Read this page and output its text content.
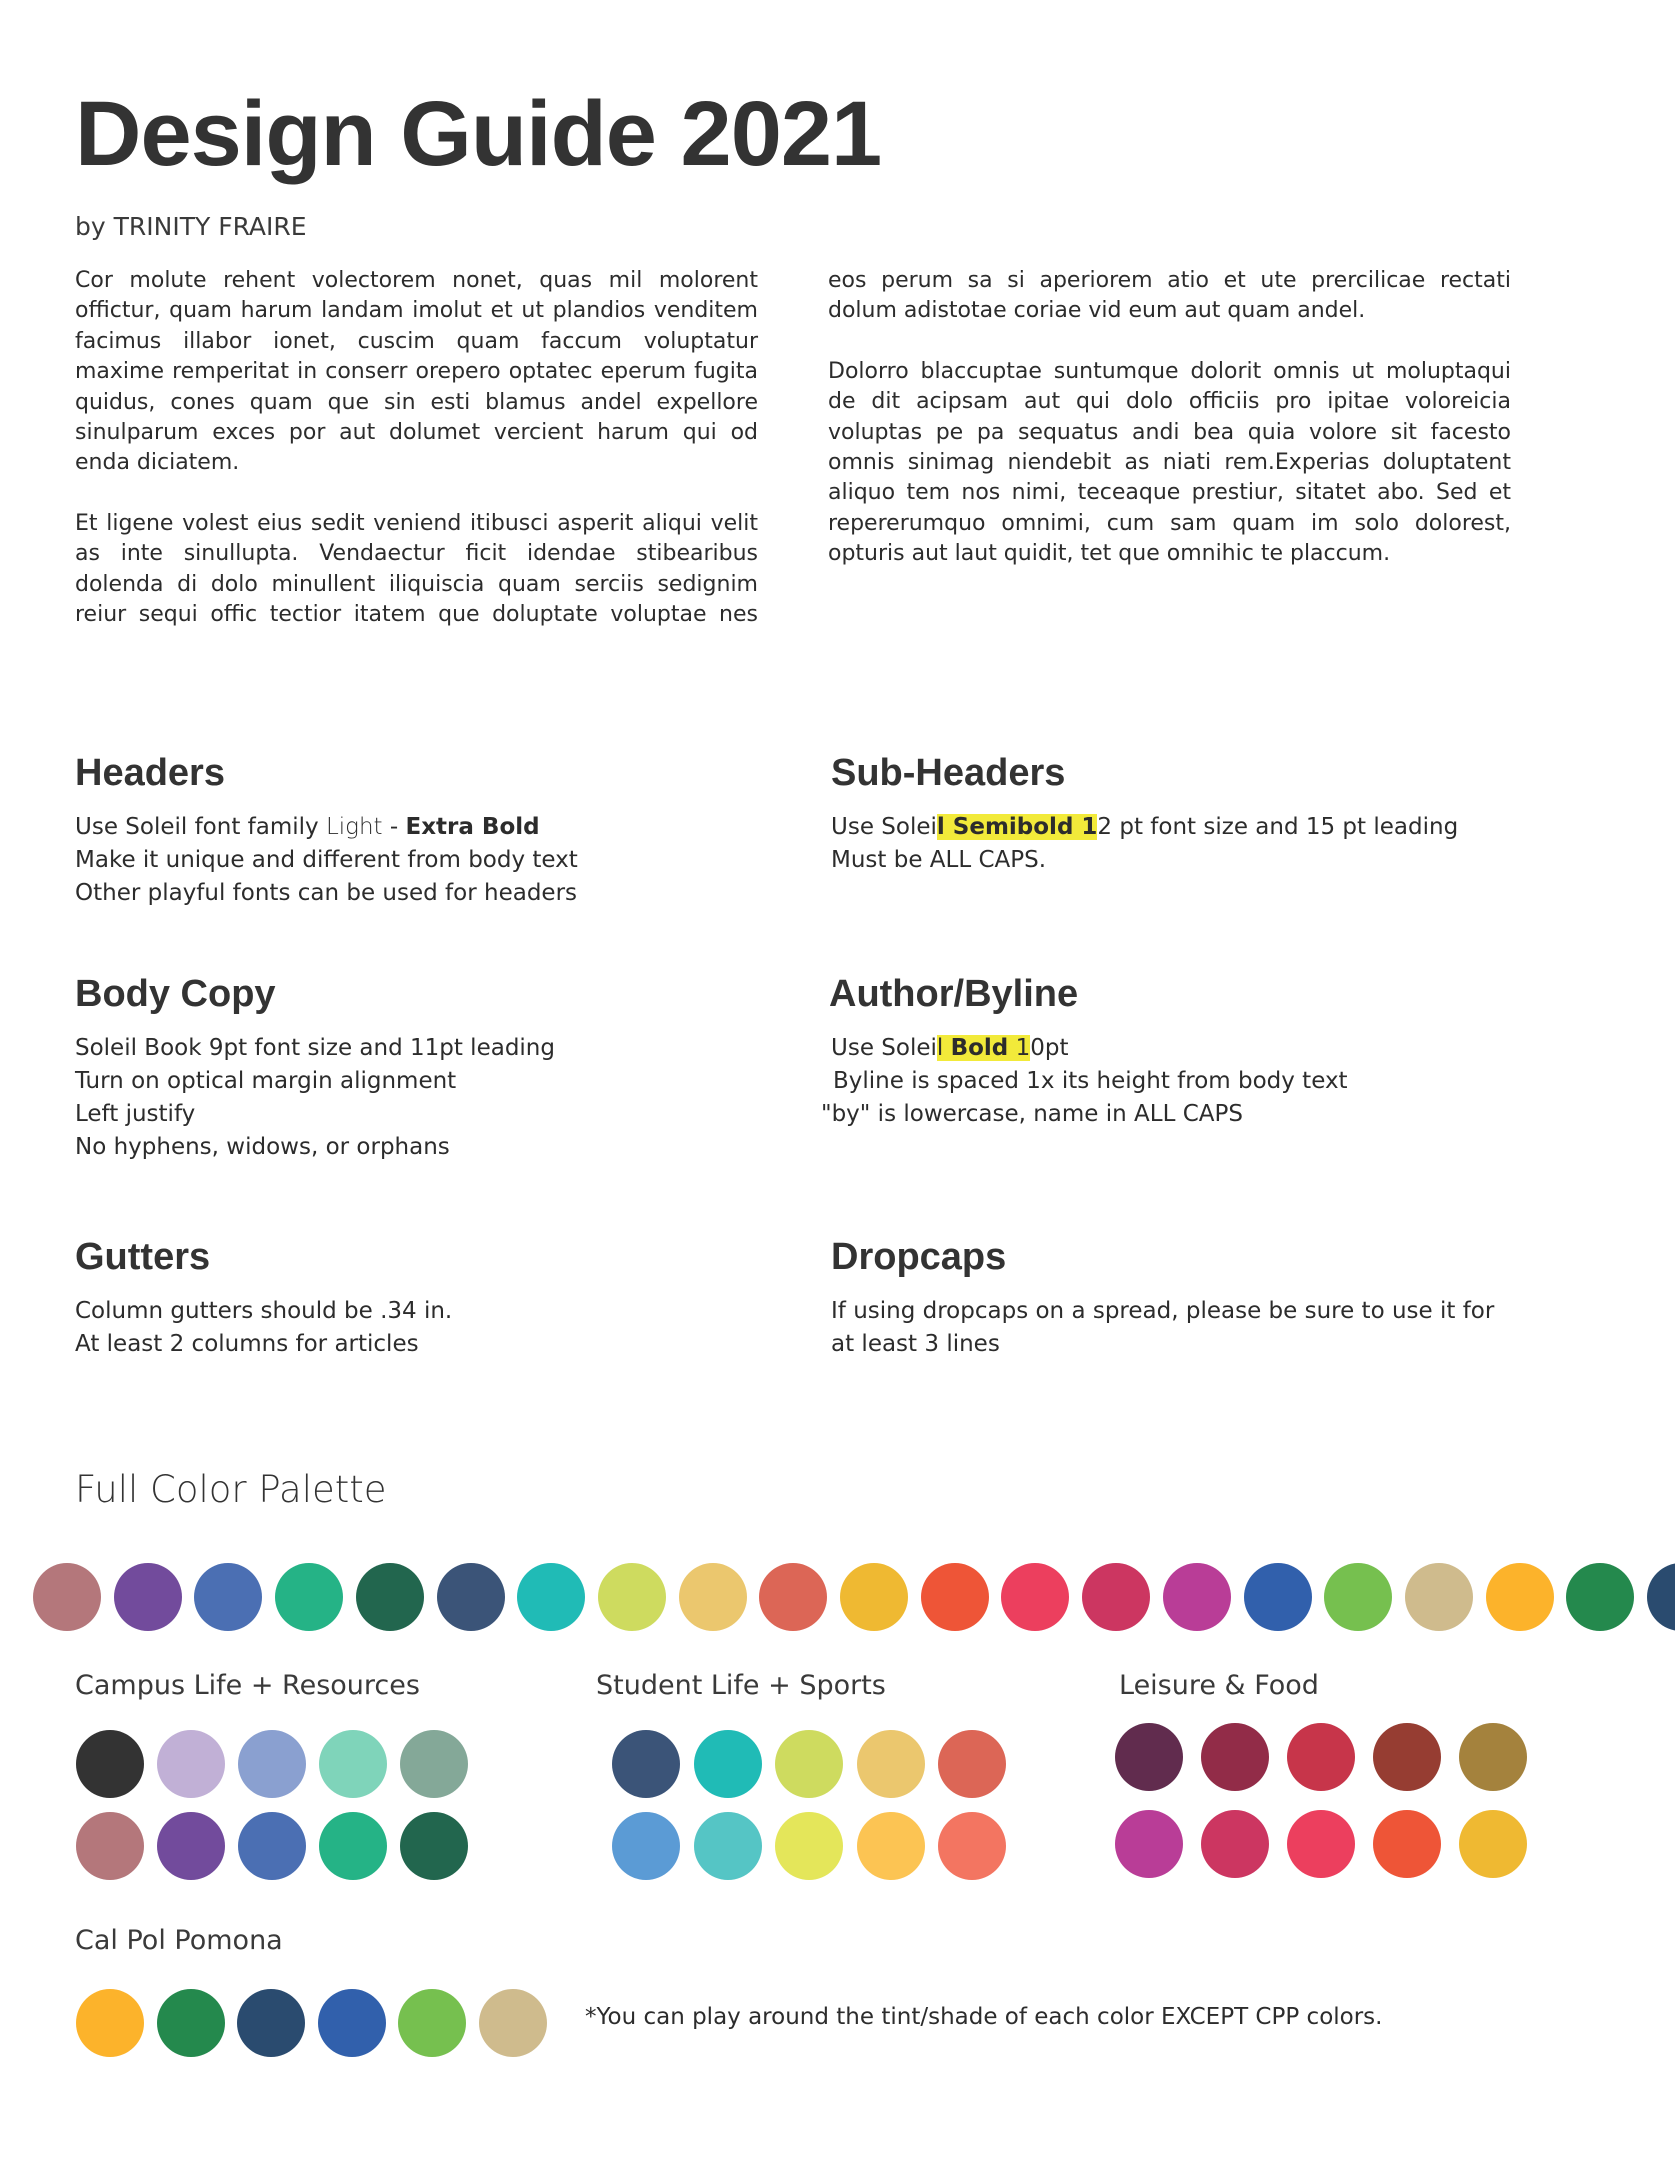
Design Guide 2021
by TRINITY FRAIRE

Cor molute rehent volectorem nonet, quas mil molorent offictur, quam harum landam imolut et ut plandios venditem facimus illabor ionet, cuscim quam faccum voluptatur maxime remperitat in conserr orepero optatec eperum fugita quidus, cones quam que sin esti blamus andel expellore sinulparum exces por aut dolumet vercient harum qui od enda diciatem.

Et ligene volest eius sedit veniend itibusci asperit aliqui velit as inte sinullupta. Vendaectur ficit idendae stibearibus dolenda di dolo minullent iliquiscia quam serciis sedignim reiur sequi offic tectior itatem que doluptate voluptae nes

eos perum sa si aperiorem atio et ute prercilicae rectati dolum adistotae coriae vid eum aut quam andel.

Dolorro blaccuptae suntumque dolorit omnis ut moluptaqui de dit acipsam aut qui dolo officiis pro ipitae voloreicia voluptas pe pa sequatus andi bea quia volore sit facesto omnis sinimag niendebit as niati rem.Experias doluptatent aliquo tem nos nimi, teceaque prestiur, sitatet abo. Sed et repererumquo omnimi, cum sam quam im solo dolorest, opturis aut laut quidit, tet que omnihic te placcum.

Headers
Use Soleil font family Light - Extra Bold
Make it unique and different from body text
Other playful fonts can be used for headers
Sub-Headers
Use Soleil Semibold 12 pt font size and 15 pt leading
Must be ALL CAPS.
Body Copy
Soleil Book 9pt font size and 11pt leading
Turn on optical margin alignment
Left justify
No hyphens, widows, or orphans
Author/Byline
Use Soleil Bold 10pt
Byline is spaced 1x its height from body text
"by" is lowercase, name in ALL CAPS
Gutters
Column gutters should be .34 in.
At least 2 columns for articles
Dropcaps
If using dropcaps on a spread, please be sure to use it for at least 3 lines
Full Color Palette
Campus Life + Resources	Student Life + Sports	Leisure & Food
Cal Pol Pomona
*You can play around the tint/shade of each color EXCEPT CPP colors.
